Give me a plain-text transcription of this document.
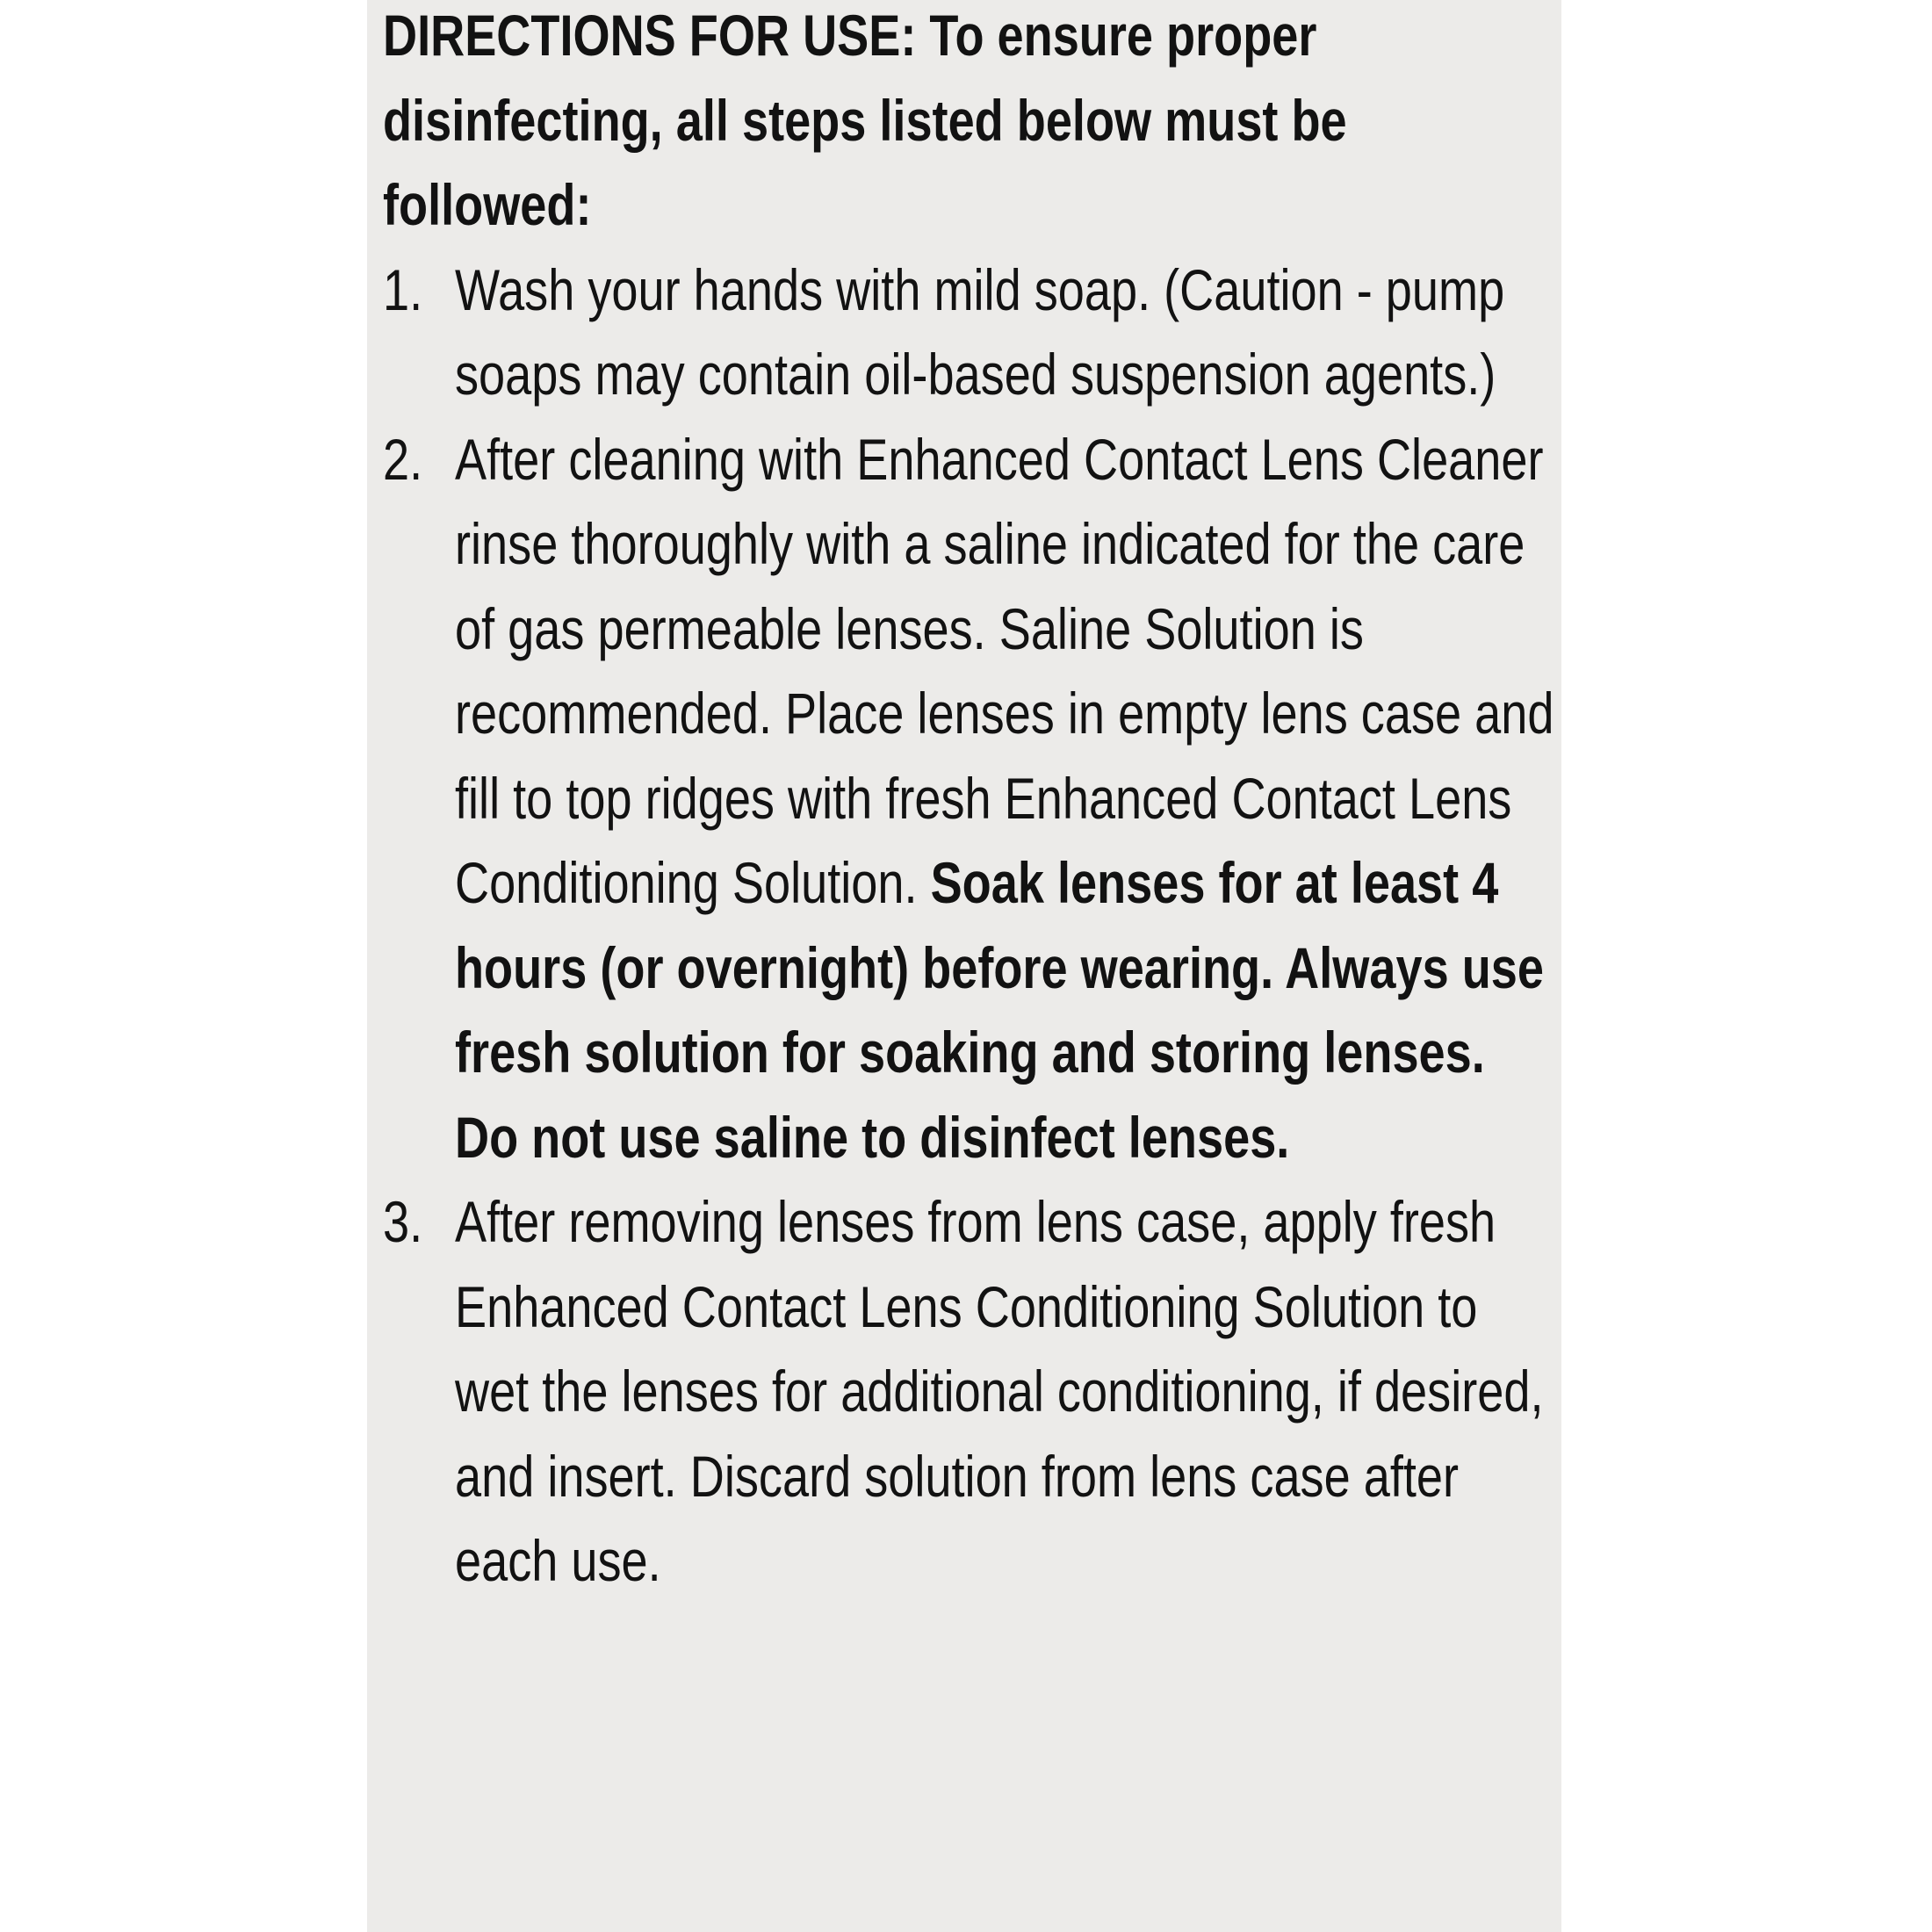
DIRECTIONS FOR USE: To ensure proper disinfecting, all steps listed below must be followed:

1. Wash your hands with mild soap. (Caution - pump soaps may contain oil-based suspension agents.)
2. After cleaning with Enhanced Contact Lens Cleaner rinse thoroughly with a saline indicated for the care of gas permeable lenses. Saline Solution is recommended. Place lenses in empty lens case and fill to top ridges with fresh Enhanced Contact Lens Conditioning Solution. Soak lenses for at least 4 hours (or overnight) before wearing. Always use fresh solution for soaking and storing lenses. Do not use saline to disinfect lenses.
3. After removing lenses from lens case, apply fresh Enhanced Contact Lens Conditioning Solution to wet the lenses for additional conditioning, if desired, and insert. Discard solution from lens case after each use.
